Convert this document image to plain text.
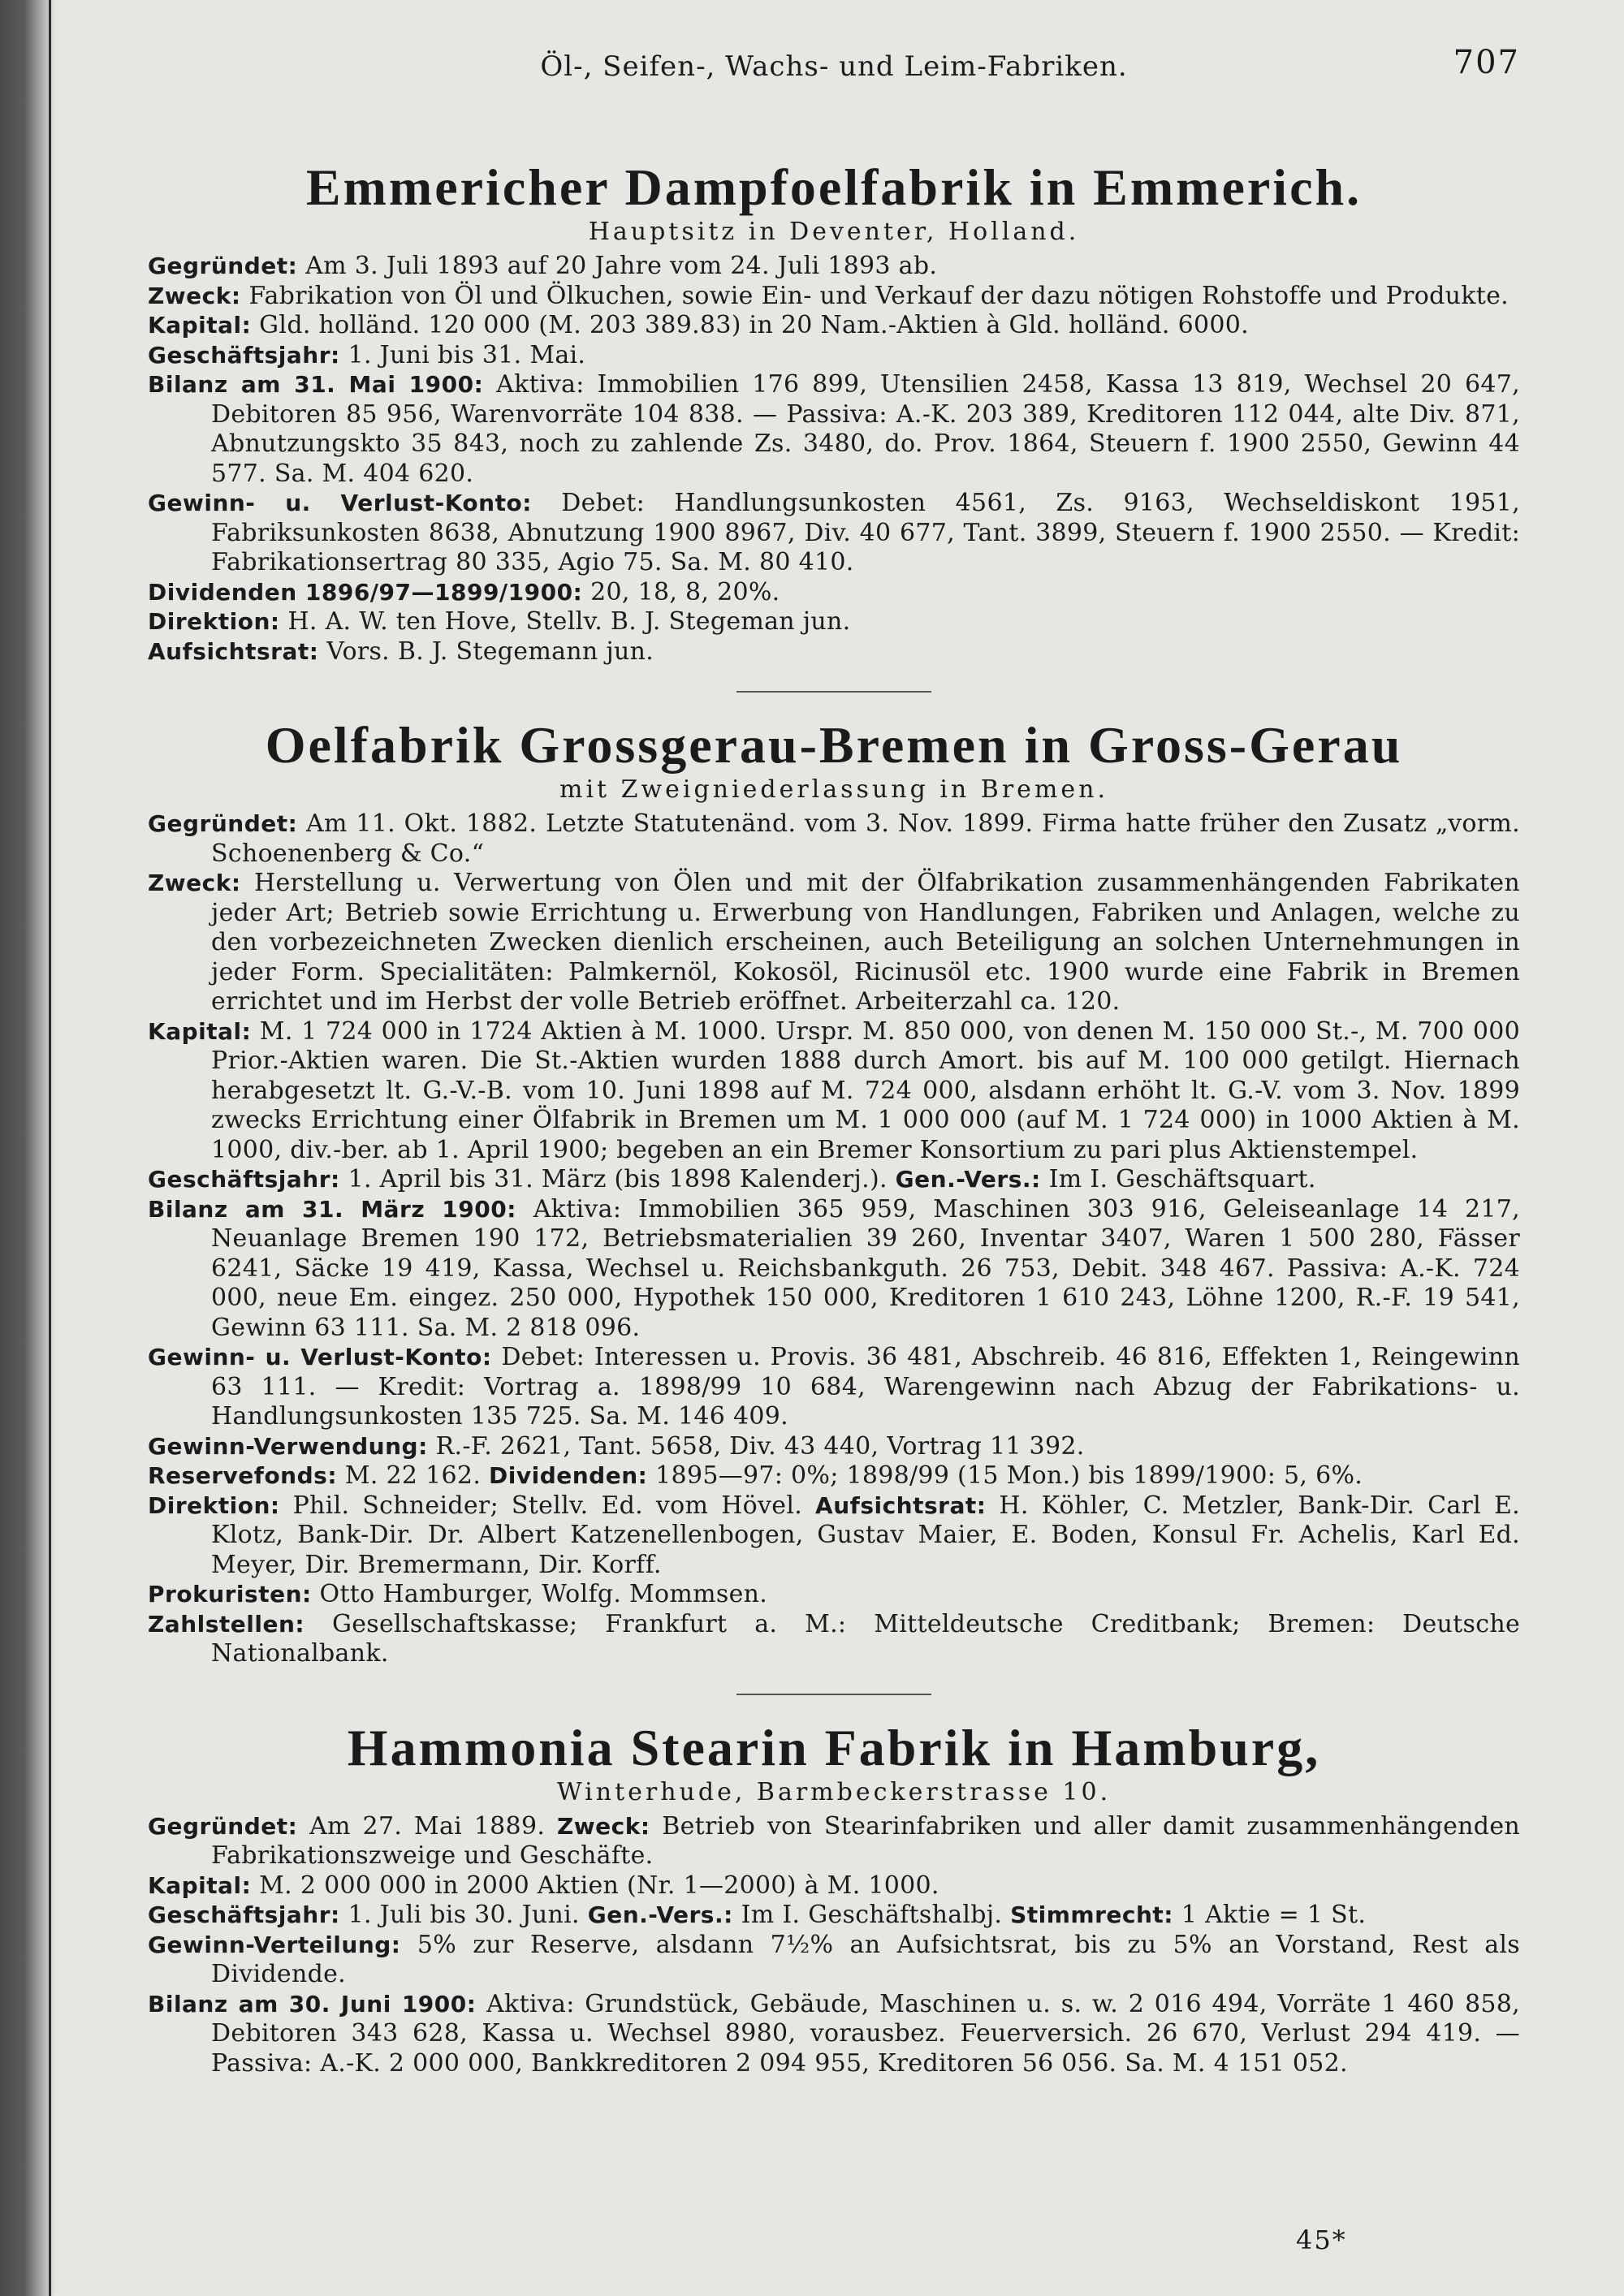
Öl-, Seifen-, Wachs- und Leim-Fabriken.	707
Emmericher Dampfoelfabrik in Emmerich.

Hauptsitz in Deventer, Holland.

Gegründet: Am 3. Juli 1893 auf 20 Jahre vom 24. Juli 1893 ab.

Zweck: Fabrikation von Öl und Ölkuchen, sowie Ein- und Verkauf der dazu nötigen Rohstoffe und Produkte.

Kapital: Gld. holländ. 120 000 (M. 203 389.83) in 20 Nam.-Aktien à Gld. holländ. 6000.

Geschäftsjahr: 1. Juni bis 31. Mai.

Bilanz am 31. Mai 1900: Aktiva: Immobilien 176 899, Utensilien 2458, Kassa 13 819, Wechsel 20 647, Debitoren 85 956, Warenvorräte 104 838. — Passiva: A.-K. 203 389, Kreditoren 112 044, alte Div. 871, Abnutzungskto 35 843, noch zu zahlende Zs. 3480, do. Prov. 1864, Steuern f. 1900 2550, Gewinn 44 577. Sa. M. 404 620.

Gewinn- u. Verlust-Konto: Debet: Handlungsunkosten 4561, Zs. 9163, Wechseldiskont 1951, Fabriksunkosten 8638, Abnutzung 1900 8967, Div. 40 677, Tant. 3899, Steuern f. 1900 2550. — Kredit: Fabrikationsertrag 80 335, Agio 75. Sa. M. 80 410.

Dividenden 1896/97—1899/1900: 20, 18, 8, 20%.

Direktion: H. A. W. ten Hove, Stellv. B. J. Stegeman jun.

Aufsichtsrat: Vors. B. J. Stegemann jun.

Oelfabrik Grossgerau-Bremen in Gross-Gerau

mit Zweigniederlassung in Bremen.

Gegründet: Am 11. Okt. 1882. Letzte Statutenänd. vom 3. Nov. 1899. Firma hatte früher den Zusatz „vorm. Schoenenberg & Co.“

Zweck: Herstellung u. Verwertung von Ölen und mit der Ölfabrikation zusammenhängenden Fabrikaten jeder Art; Betrieb sowie Errichtung u. Erwerbung von Handlungen, Fabriken und Anlagen, welche zu den vorbezeichneten Zwecken dienlich erscheinen, auch Beteiligung an solchen Unternehmungen in jeder Form. Specialitäten: Palmkernöl, Kokosöl, Ricinusöl etc. 1900 wurde eine Fabrik in Bremen errichtet und im Herbst der volle Betrieb eröffnet. Arbeiterzahl ca. 120.

Kapital: M. 1 724 000 in 1724 Aktien à M. 1000. Urspr. M. 850 000, von denen M. 150 000 St.-, M. 700 000 Prior.-Aktien waren. Die St.-Aktien wurden 1888 durch Amort. bis auf M. 100 000 getilgt. Hiernach herabgesetzt lt. G.-V.-B. vom 10. Juni 1898 auf M. 724 000, alsdann erhöht lt. G.-V. vom 3. Nov. 1899 zwecks Errichtung einer Ölfabrik in Bremen um M. 1 000 000 (auf M. 1 724 000) in 1000 Aktien à M. 1000, div.-ber. ab 1. April 1900; begeben an ein Bremer Konsortium zu pari plus Aktienstempel.

Geschäftsjahr: 1. April bis 31. März (bis 1898 Kalenderj.). Gen.-Vers.: Im I. Geschäftsquart.

Bilanz am 31. März 1900: Aktiva: Immobilien 365 959, Maschinen 303 916, Geleiseanlage 14 217, Neuanlage Bremen 190 172, Betriebsmaterialien 39 260, Inventar 3407, Waren 1 500 280, Fässer 6241, Säcke 19 419, Kassa, Wechsel u. Reichsbankguth. 26 753, Debit. 348 467. Passiva: A.-K. 724 000, neue Em. eingez. 250 000, Hypothek 150 000, Kreditoren 1 610 243, Löhne 1200, R.-F. 19 541, Gewinn 63 111. Sa. M. 2 818 096.

Gewinn- u. Verlust-Konto: Debet: Interessen u. Provis. 36 481, Abschreib. 46 816, Effekten 1, Reingewinn 63 111. — Kredit: Vortrag a. 1898/99 10 684, Warengewinn nach Abzug der Fabrikations- u. Handlungsunkosten 135 725. Sa. M. 146 409.

Gewinn-Verwendung: R.-F. 2621, Tant. 5658, Div. 43 440, Vortrag 11 392.

Reservefonds: M. 22 162. Dividenden: 1895—97: 0%; 1898/99 (15 Mon.) bis 1899/1900: 5, 6%.

Direktion: Phil. Schneider; Stellv. Ed. vom Hövel. Aufsichtsrat: H. Köhler, C. Metzler, Bank-Dir. Carl E. Klotz, Bank-Dir. Dr. Albert Katzenellenbogen, Gustav Maier, E. Boden, Konsul Fr. Achelis, Karl Ed. Meyer, Dir. Bremermann, Dir. Korff.

Prokuristen: Otto Hamburger, Wolfg. Mommsen.

Zahlstellen: Gesellschaftskasse; Frankfurt a. M.: Mitteldeutsche Creditbank; Bremen: Deutsche Nationalbank.

Hammonia Stearin Fabrik in Hamburg,

Winterhude, Barmbeckerstrasse 10.

Gegründet: Am 27. Mai 1889. Zweck: Betrieb von Stearinfabriken und aller damit zusammenhängenden Fabrikationszweige und Geschäfte.

Kapital: M. 2 000 000 in 2000 Aktien (Nr. 1—2000) à M. 1000.

Geschäftsjahr: 1. Juli bis 30. Juni. Gen.-Vers.: Im I. Geschäftshalbj. Stimmrecht: 1 Aktie = 1 St.

Gewinn-Verteilung: 5% zur Reserve, alsdann 7½% an Aufsichtsrat, bis zu 5% an Vorstand, Rest als Dividende.

Bilanz am 30. Juni 1900: Aktiva: Grundstück, Gebäude, Maschinen u. s. w. 2 016 494, Vorräte 1 460 858, Debitoren 343 628, Kassa u. Wechsel 8980, vorausbez. Feuerversich. 26 670, Verlust 294 419. — Passiva: A.-K. 2 000 000, Bankkreditoren 2 094 955, Kreditoren 56 056. Sa. M. 4 151 052.

45*
